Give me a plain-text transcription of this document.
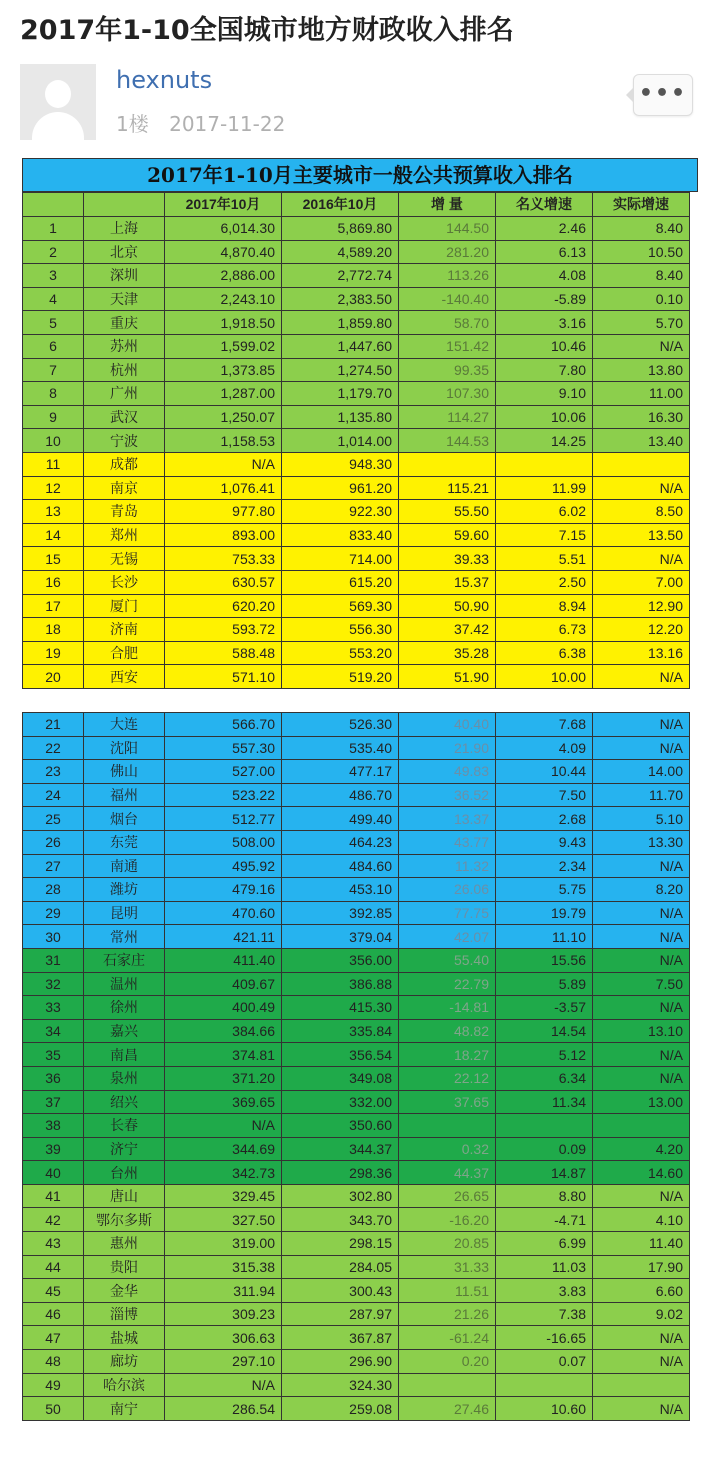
2017年1-10全国城市地方财政收入排名
hexnuts
1楼 2017-11-22
•••
2017年1-10月主要城市一般公共预算收入排名
		2017年10月	2016年10月	增 量	名义增速	实际增速
1	上海	6,014.30	5,869.80	144.50	2.46	8.40
2	北京	4,870.40	4,589.20	281.20	6.13	10.50
3	深圳	2,886.00	2,772.74	113.26	4.08	8.40
4	天津	2,243.10	2,383.50	-140.40	-5.89	0.10
5	重庆	1,918.50	1,859.80	58.70	3.16	5.70
6	苏州	1,599.02	1,447.60	151.42	10.46	N/A
7	杭州	1,373.85	1,274.50	99.35	7.80	13.80
8	广州	1,287.00	1,179.70	107.30	9.10	11.00
9	武汉	1,250.07	1,135.80	114.27	10.06	16.30
10	宁波	1,158.53	1,014.00	144.53	14.25	13.40
11	成都	N/A	948.30			
12	南京	1,076.41	961.20	115.21	11.99	N/A
13	青岛	977.80	922.30	55.50	6.02	8.50
14	郑州	893.00	833.40	59.60	7.15	13.50
15	无锡	753.33	714.00	39.33	5.51	N/A
16	长沙	630.57	615.20	15.37	2.50	7.00
17	厦门	620.20	569.30	50.90	8.94	12.90
18	济南	593.72	556.30	37.42	6.73	12.20
19	合肥	588.48	553.20	35.28	6.38	13.16
20	西安	571.10	519.20	51.90	10.00	N/A
21	大连	566.70	526.30	40.40	7.68	N/A
22	沈阳	557.30	535.40	21.90	4.09	N/A
23	佛山	527.00	477.17	49.83	10.44	14.00
24	福州	523.22	486.70	36.52	7.50	11.70
25	烟台	512.77	499.40	13.37	2.68	5.10
26	东莞	508.00	464.23	43.77	9.43	13.30
27	南通	495.92	484.60	11.32	2.34	N/A
28	潍坊	479.16	453.10	26.06	5.75	8.20
29	昆明	470.60	392.85	77.75	19.79	N/A
30	常州	421.11	379.04	42.07	11.10	N/A
31	石家庄	411.40	356.00	55.40	15.56	N/A
32	温州	409.67	386.88	22.79	5.89	7.50
33	徐州	400.49	415.30	-14.81	-3.57	N/A
34	嘉兴	384.66	335.84	48.82	14.54	13.10
35	南昌	374.81	356.54	18.27	5.12	N/A
36	泉州	371.20	349.08	22.12	6.34	N/A
37	绍兴	369.65	332.00	37.65	11.34	13.00
38	长春	N/A	350.60			
39	济宁	344.69	344.37	0.32	0.09	4.20
40	台州	342.73	298.36	44.37	14.87	14.60
41	唐山	329.45	302.80	26.65	8.80	N/A
42	鄂尔多斯	327.50	343.70	-16.20	-4.71	4.10
43	惠州	319.00	298.15	20.85	6.99	11.40
44	贵阳	315.38	284.05	31.33	11.03	17.90
45	金华	311.94	300.43	11.51	3.83	6.60
46	淄博	309.23	287.97	21.26	7.38	9.02
47	盐城	306.63	367.87	-61.24	-16.65	N/A
48	廊坊	297.10	296.90	0.20	0.07	N/A
49	哈尔滨	N/A	324.30			
50	南宁	286.54	259.08	27.46	10.60	N/A
